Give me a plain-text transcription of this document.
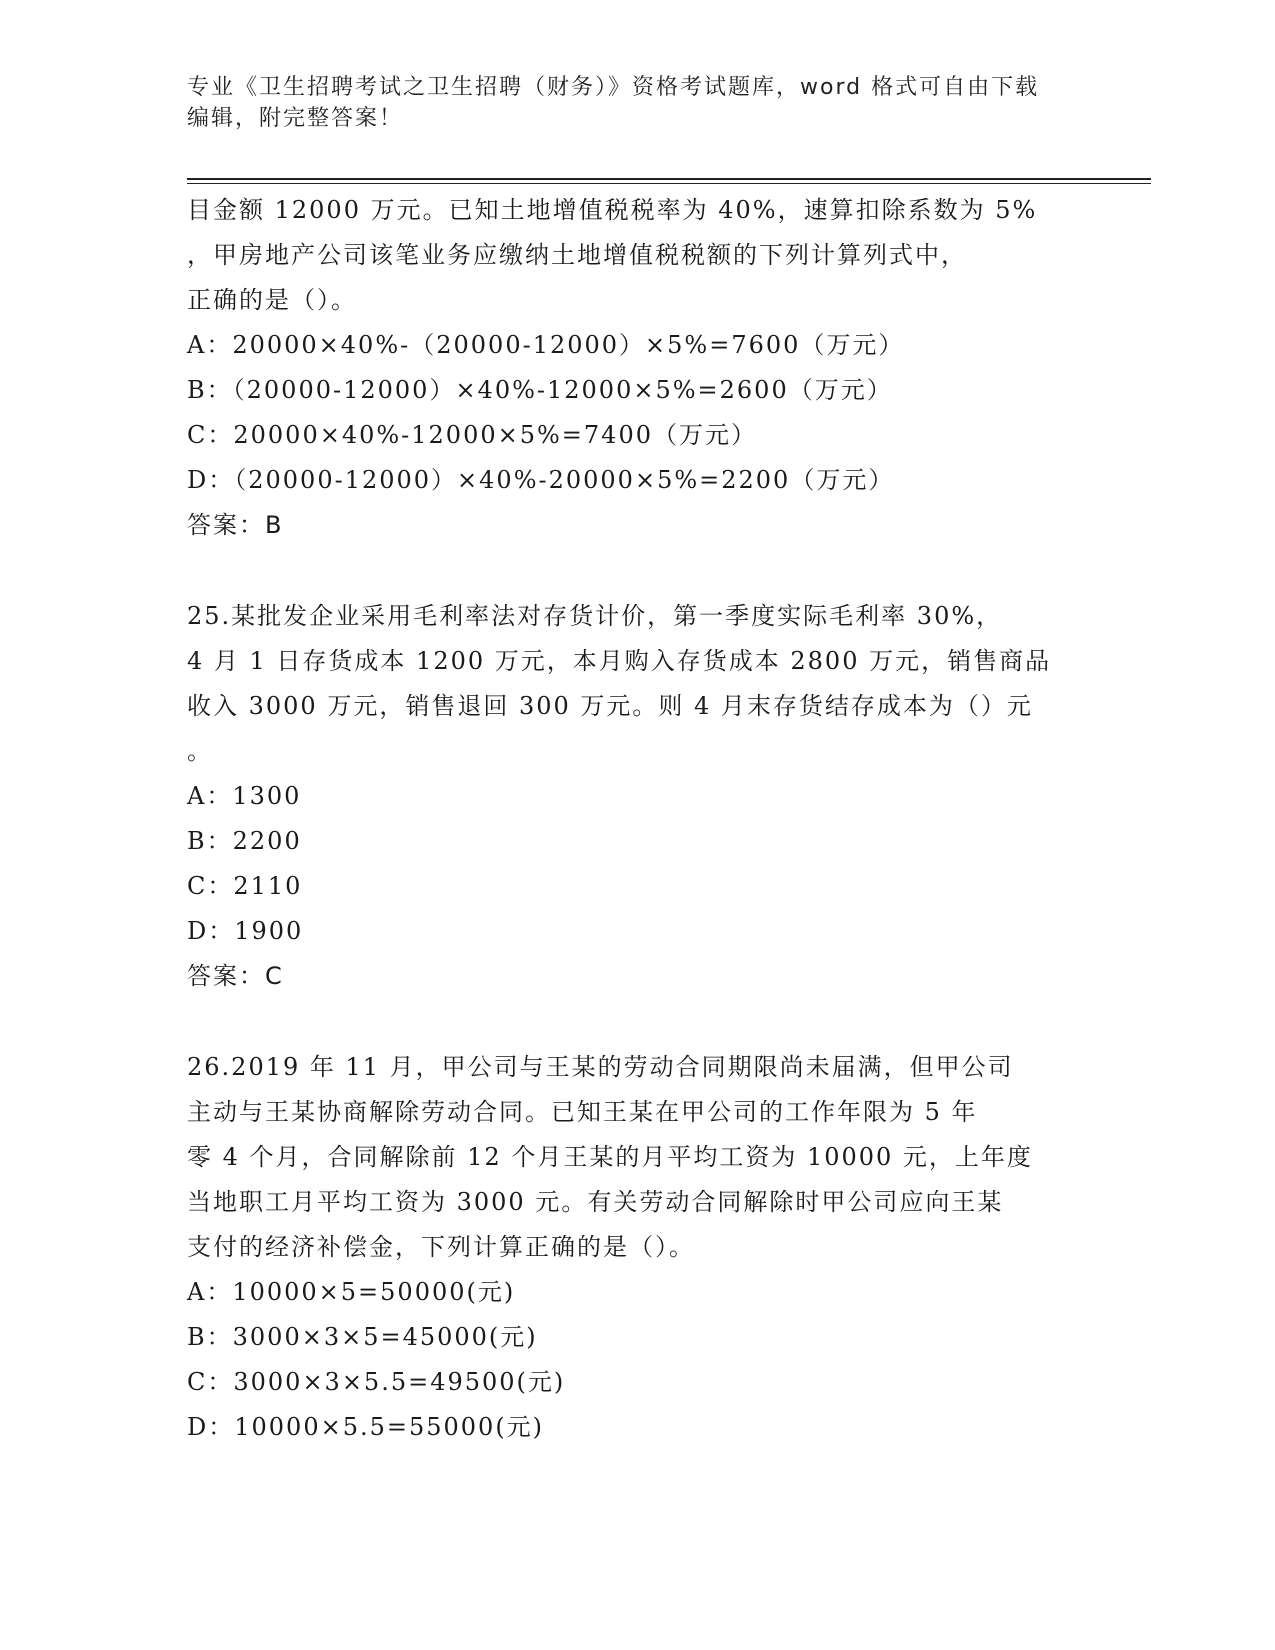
专业《卫生招聘考试之卫生招聘（财务）》资格考试题库，word 格式可自由下载
编辑，附完整答案！
目金额 12000 万元。已知土地增值税税率为 40%，速算扣除系数为 5%
，甲房地产公司该笔业务应缴纳土地增值税税额的下列计算列式中，
正确的是（）。
A：20000×40%-（20000-12000）×5%=7600（万元）
B：（20000-12000）×40%-12000×5%=2600（万元）
C：20000×40%-12000×5%=7400（万元）
D：（20000-12000）×40%-20000×5%=2200（万元）
答案：B
25.某批发企业采用毛利率法对存货计价，第一季度实际毛利率 30%，
4 月 1 日存货成本 1200 万元，本月购入存货成本 2800 万元，销售商品
收入 3000 万元，销售退回 300 万元。则 4 月末存货结存成本为（）元
。
A：1300
B：2200
C：2110
D：1900
答案：C
26.2019 年 11 月，甲公司与王某的劳动合同期限尚未届满，但甲公司
主动与王某协商解除劳动合同。已知王某在甲公司的工作年限为 5 年
零 4 个月，合同解除前 12 个月王某的月平均工资为 10000 元，上年度
当地职工月平均工资为 3000 元。有关劳动合同解除时甲公司应向王某
支付的经济补偿金，下列计算正确的是（）。
A：10000×5=50000(元)
B：3000×3×5=45000(元)
C：3000×3×5.5=49500(元)
D：10000×5.5=55000(元)
